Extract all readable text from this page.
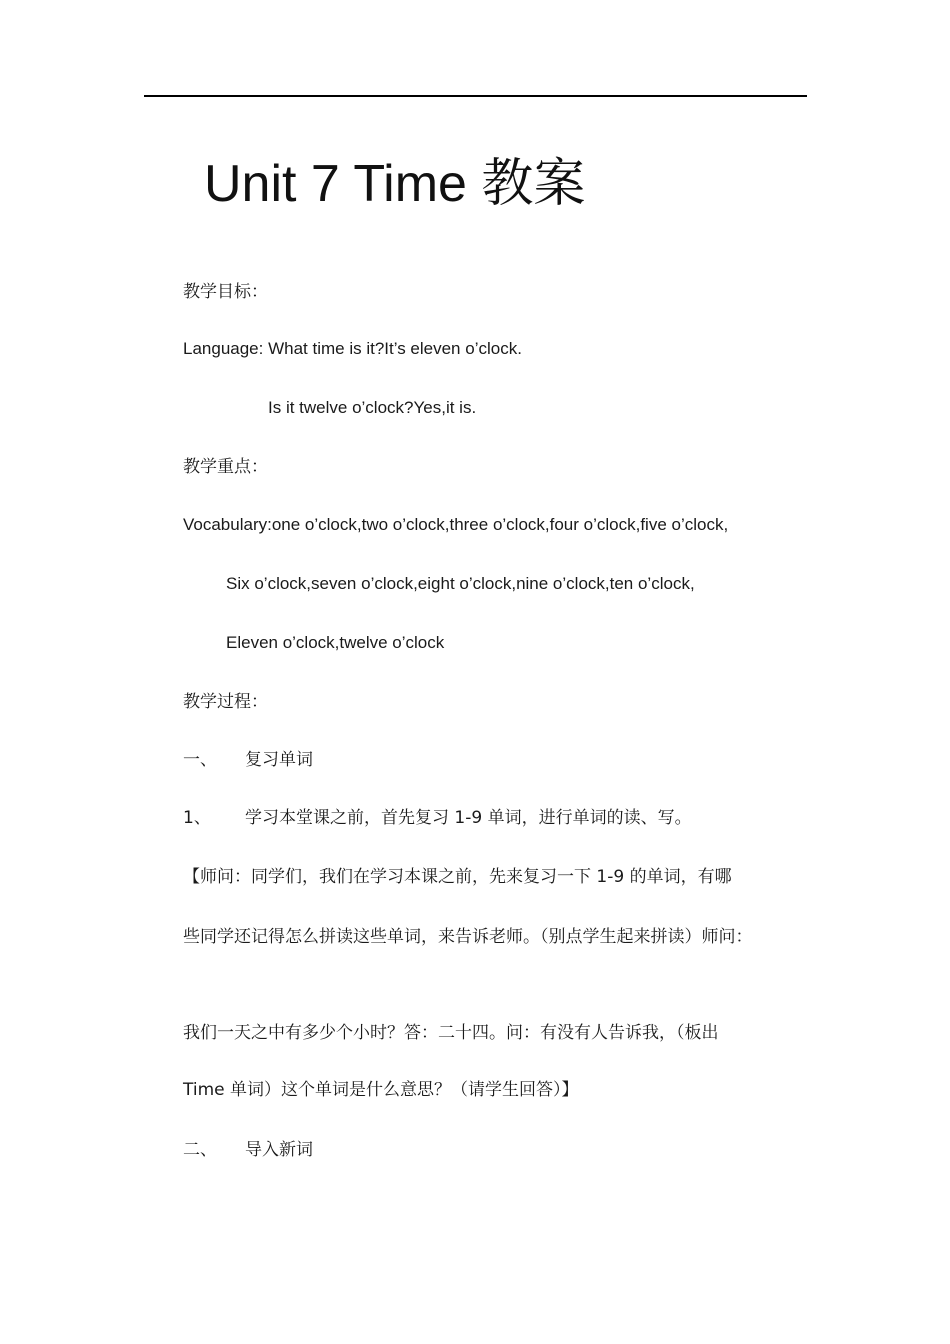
Unit 7 Time 教案
教学目标：
Language: What time is it?It’s eleven o’clock.
Is it twelve o’clock?Yes,it is.
教学重点：
Vocabulary:one o’clock,two o’clock,three o’clock,four o’clock,five o’clock,
Six o’clock,seven o’clock,eight o’clock,nine o’clock,ten o’clock,
Eleven o’clock,twelve o’clock
教学过程：
一、 复习单词
1、 学习本堂课之前，首先复习 1-9 单词，进行单词的读、写。
【师问：同学们，我们在学习本课之前，先来复习一下 1-9 的单词，有哪
些同学还记得怎么拼读这些单词，来告诉老师。（别点学生起来拼读）师问：
我们一天之中有多少个小时？答：二十四。问：有没有人告诉我，（板出
Time 单词）这个单词是什么意思？（请学生回答）】
二、 导入新词
